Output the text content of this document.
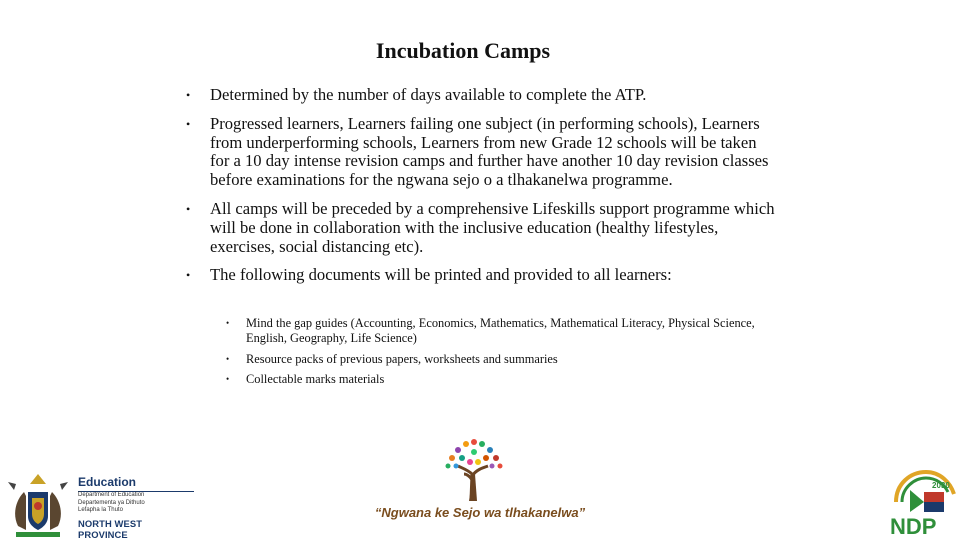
Incubation Camps
• Determined by the number of days available to complete the ATP.
• Progressed learners, Learners failing one subject (in performing schools), Learners from underperforming schools, Learners from new Grade 12 schools will be taken for a 10 day intense revision camps and further have another 10 day revision classes before examinations for the ngwana sejo o a tlhakanelwa programme.
• All camps will be preceded by a comprehensive Lifeskills support programme which will be done in collaboration with the inclusive education (healthy lifestyles, exercises, social distancing etc).
• The following documents will be printed and provided to all learners:
• Mind the gap guides (Accounting, Economics, Mathematics, Mathematical Literacy, Physical Science, English, Geography, Life Science)
• Resource packs of previous papers, worksheets and summaries
• Collectable marks materials
Education
Department of Education
Departementa ya Dithuto
Lefapha la Thuto
NORTH WEST PROVINCE
“Ngwana ke Sejo wa tlhakanelwa”
2030
NDP
